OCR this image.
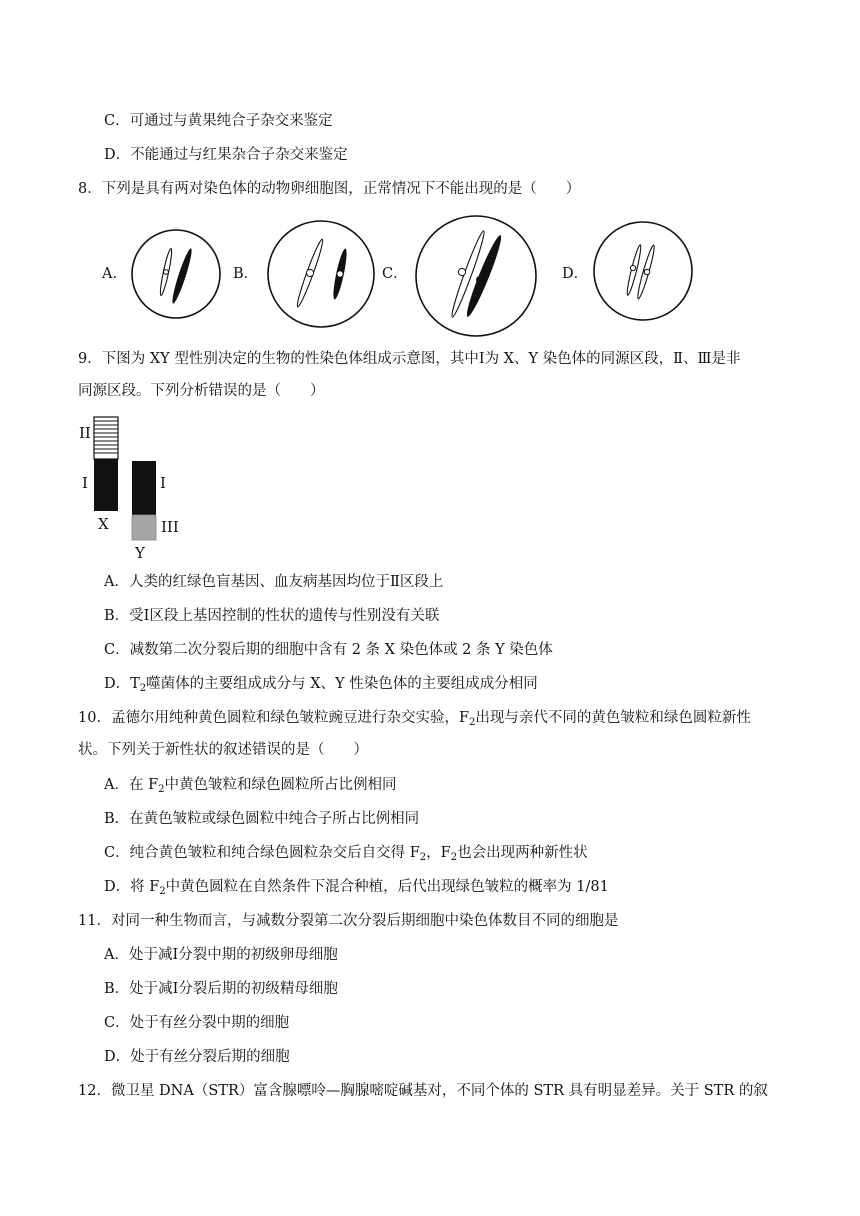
C．可通过与黄果纯合子杂交来鉴定
D．不能通过与红果杂合子杂交来鉴定
8．下列是具有两对染色体的动物卵细胞图，正常情况下不能出现的是（　　）
A．	B．	C．	D．
9．下图为 XY 型性别决定的生物的性染色体组成示意图，其中Ⅰ为 X、Y 染色体的同源区段，Ⅱ、Ⅲ是非
同源区段。下列分析错误的是（　　）
II
I	I
III
X
Y
A．人类的红绿色盲基因、血友病基因均位于Ⅱ区段上
B．受Ⅰ区段上基因控制的性状的遗传与性别没有关联
C．减数第二次分裂后期的细胞中含有 2 条 X 染色体或 2 条 Y 染色体
D．$T_2$噬菌体的主要组成成分与 X、Y 性染色体的主要组成成分相同
10．孟德尔用纯种黄色圆粒和绿色皱粒豌豆进行杂交实验，$F_2$出现与亲代不同的黄色皱粒和绿色圆粒新性
状。下列关于新性状的叙述错误的是（　　）
A．在 $F_2$中黄色皱粒和绿色圆粒所占比例相同
B．在黄色皱粒或绿色圆粒中纯合子所占比例相同
C．纯合黄色皱粒和纯合绿色圆粒杂交后自交得 $F_2$，$F_2$也会出现两种新性状
D．将 $F_2$中黄色圆粒在自然条件下混合种植，后代出现绿色皱粒的概率为 1/81
11．对同一种生物而言，与减数分裂第二次分裂后期细胞中染色体数目不同的细胞是
A．处于减Ⅰ分裂中期的初级卵母细胞
B．处于减Ⅰ分裂后期的初级精母细胞
C．处于有丝分裂中期的细胞
D．处于有丝分裂后期的细胞
12．微卫星 DNA（STR）富含腺嘌呤—胸腺嘧啶碱基对，不同个体的 STR 具有明显差异。关于 STR 的叙
